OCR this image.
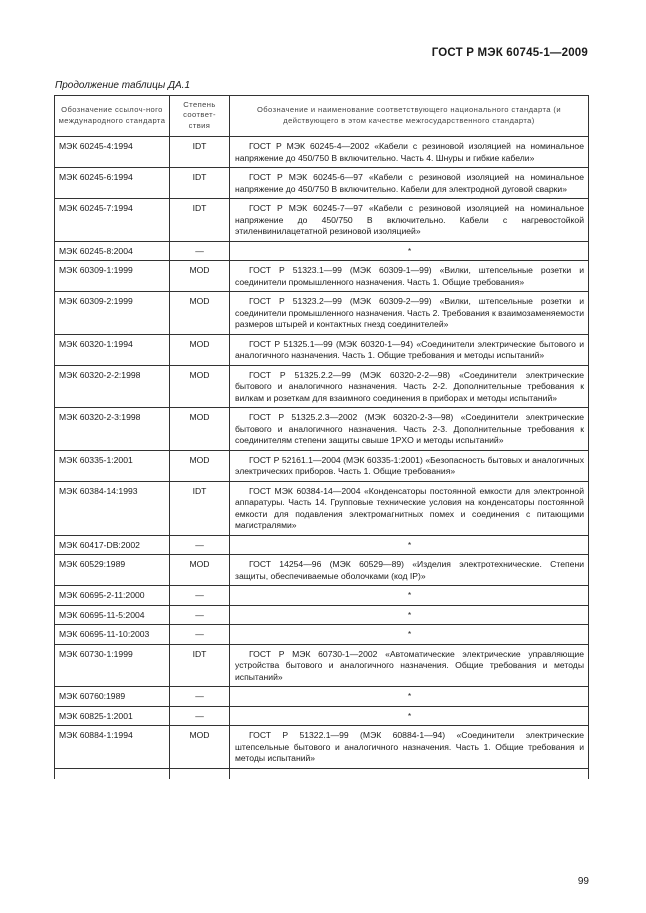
ГОСТ Р МЭК 60745-1—2009
Продолжение таблицы ДА.1
Обозначение ссылоч-ного международного стандарта	Степень соответ-ствия	Обозначение и наименование соответствующего национального стандарта (и действующего в этом качестве межгосударственного стандарта)
МЭК 60245-4:1994	IDT	ГОСТ Р МЭК 60245-4—2002 «Кабели с резиновой изоляцией на номинальное напряжение до 450/750 В включительно. Часть 4. Шнуры и гибкие кабели»
МЭК 60245-6:1994	IDT	ГОСТ Р МЭК 60245-6—97 «Кабели с резиновой изоляцией на номинальное напряжение до 450/750 В включительно. Кабели для электродной дуговой сварки»
МЭК 60245-7:1994	IDT	ГОСТ Р МЭК 60245-7—97 «Кабели с резиновой изоляцией на номинальное напряжение до 450/750 В включительно. Кабели с нагревостойкой этиленвинилацетатной резиновой изоляцией»
МЭК 60245-8:2004	—	*
МЭК 60309-1:1999	MOD	ГОСТ Р 51323.1—99 (МЭК 60309-1—99) «Вилки, штепсельные розетки и соединители промышленного назначения. Часть 1. Общие требования»
МЭК 60309-2:1999	MOD	ГОСТ Р 51323.2—99 (МЭК 60309-2—99) «Вилки, штепсельные розетки и соединители промышленного назначения. Часть 2. Требования к взаимозаменяемости размеров штырей и контактных гнезд соединителей»
МЭК 60320-1:1994	MOD	ГОСТ Р 51325.1—99 (МЭК 60320-1—94) «Соединители электрические бытового и аналогичного назначения. Часть 1. Общие требования и методы испытаний»
МЭК 60320-2-2:1998	MOD	ГОСТ Р 51325.2.2—99 (МЭК 60320-2-2—98) «Соединители электрические бытового и аналогичного назначения. Часть 2-2. Дополнительные требования к вилкам и розеткам для взаимного соединения в приборах и методы испытаний»
МЭК 60320-2-3:1998	MOD	ГОСТ Р 51325.2.3—2002 (МЭК 60320-2-3—98) «Соединители электрические бытового и аналогичного назначения. Часть 2-3. Дополнительные требования к соединителям степени защиты свыше 1PXO и методы испытаний»
МЭК 60335-1:2001	MOD	ГОСТ Р 52161.1—2004 (МЭК 60335-1:2001) «Безопасность бытовых и аналогичных электрических приборов. Часть 1. Общие требования»
МЭК 60384-14:1993	IDT	ГОСТ МЭК 60384-14—2004 «Конденсаторы постоянной емкости для электронной аппаратуры. Часть 14. Групповые технические условия на конденсаторы постоянной емкости для подавления электромагнитных помех и соединения с питающими магистралями»
МЭК 60417-DB:2002	—	*
МЭК 60529:1989	MOD	ГОСТ 14254—96 (МЭК 60529—89) «Изделия электротехнические. Степени защиты, обеспечиваемые оболочками (код IP)»
МЭК 60695-2-11:2000	—	*
МЭК 60695-11-5:2004	—	*
МЭК 60695-11-10:2003	—	*
МЭК 60730-1:1999	IDT	ГОСТ Р МЭК 60730-1—2002 «Автоматические электрические управляющие устройства бытового и аналогичного назначения. Общие требования и методы испытаний»
МЭК 60760:1989	—	*
МЭК 60825-1:2001	—	*
МЭК 60884-1:1994	MOD	ГОСТ Р 51322.1—99 (МЭК 60884-1—94) «Соединители электрические штепсельные бытового и аналогичного назначения. Часть 1. Общие требования и методы испытаний»

99
